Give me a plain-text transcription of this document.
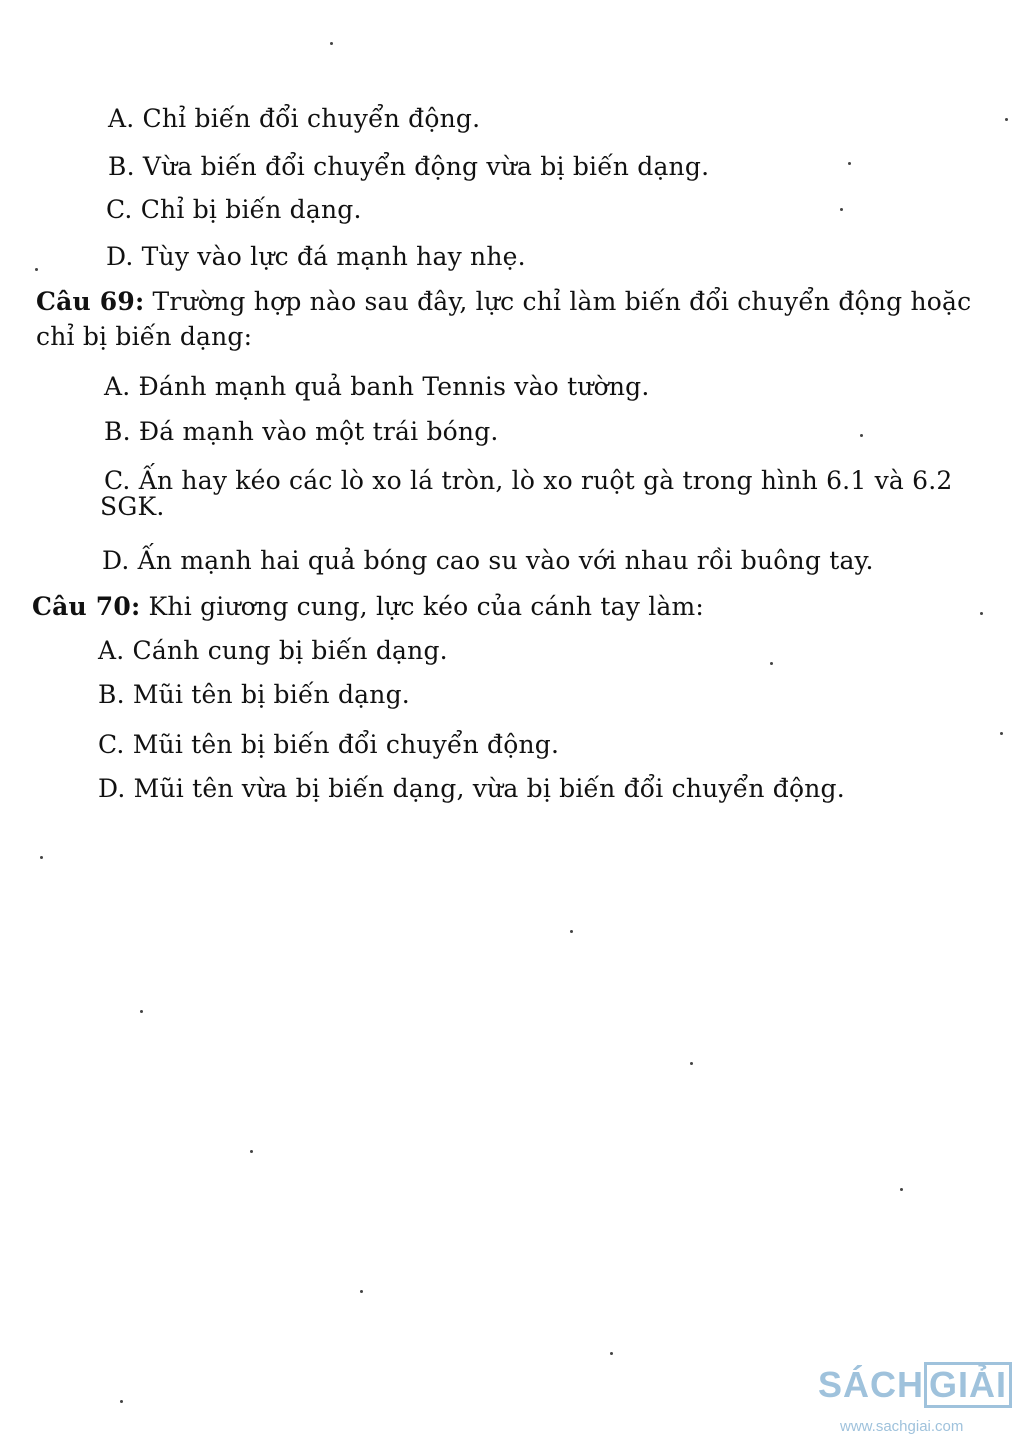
A. Chỉ biến đổi chuyển động.
B. Vừa biến đổi chuyển động vừa bị biến dạng.
C. Chỉ bị biến dạng.
D. Tùy vào lực đá mạnh hay nhẹ.
Câu 69: Trường hợp nào sau đây, lực chỉ làm biến đổi chuyển động hoặc
chỉ bị biến dạng:
A. Đánh mạnh quả banh Tennis vào tường.
B. Đá mạnh vào một trái bóng.
C. Ấn hay kéo các lò xo lá tròn, lò xo ruột gà trong hình 6.1 và 6.2
SGK.
D. Ấn mạnh hai quả bóng cao su vào với nhau rồi buông tay.
Câu 70: Khi giương cung, lực kéo của cánh tay làm:
A. Cánh cung bị biến dạng.
B. Mũi tên bị biến dạng.
C. Mũi tên bị biến đổi chuyển động.
D. Mũi tên vừa bị biến dạng, vừa bị biến đổi chuyển động.
SÁCH GIẢI
www.sachgiai.com
